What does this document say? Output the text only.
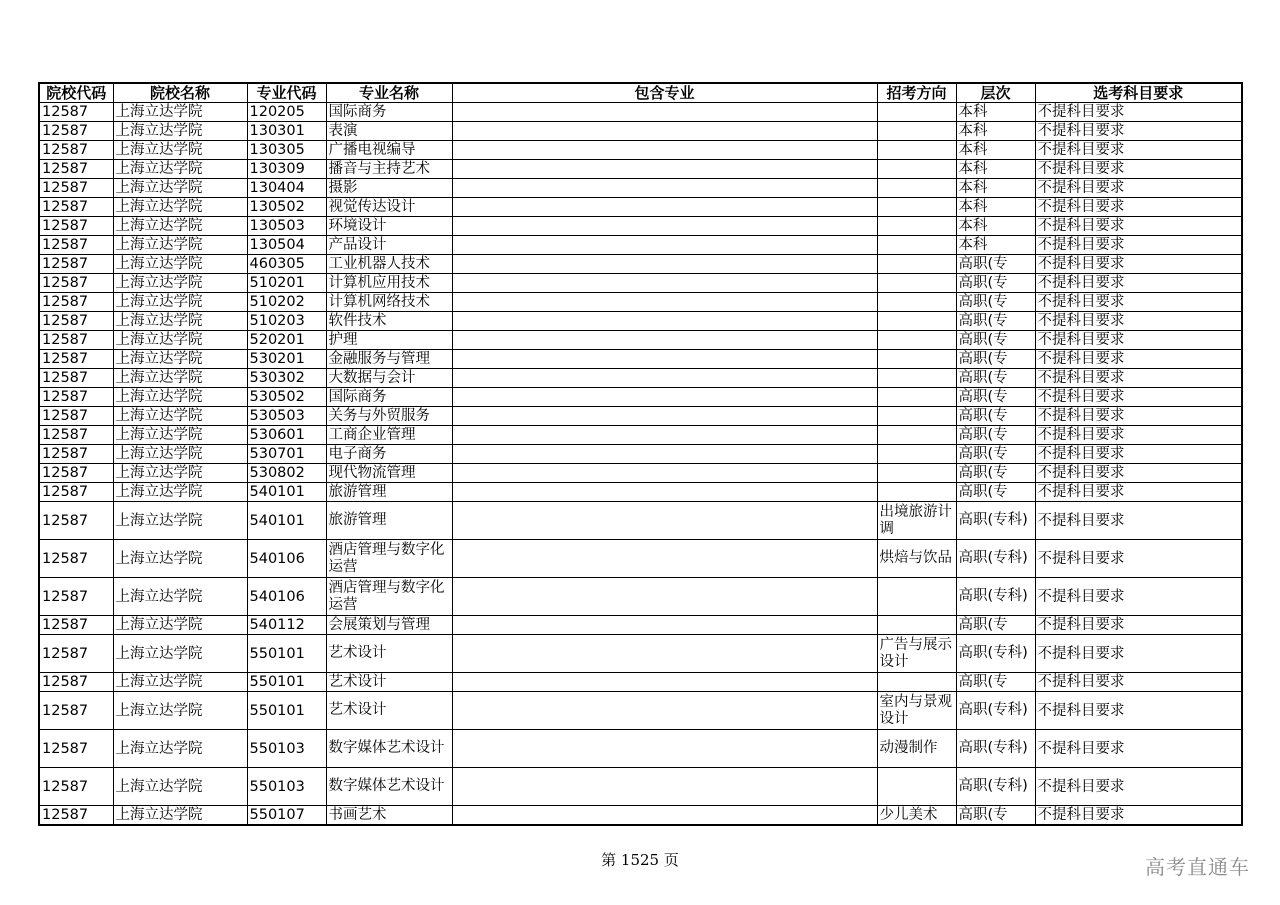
院校代码	院校名称	专业代码	专业名称	包含专业	招考方向	层次	选考科目要求
12587	上海立达学院	120205	国际商务			本科	不提科目要求
12587	上海立达学院	130301	表演			本科	不提科目要求
12587	上海立达学院	130305	广播电视编导			本科	不提科目要求
12587	上海立达学院	130309	播音与主持艺术			本科	不提科目要求
12587	上海立达学院	130404	摄影			本科	不提科目要求
12587	上海立达学院	130502	视觉传达设计			本科	不提科目要求
12587	上海立达学院	130503	环境设计			本科	不提科目要求
12587	上海立达学院	130504	产品设计			本科	不提科目要求
12587	上海立达学院	460305	工业机器人技术			高职(专	不提科目要求
12587	上海立达学院	510201	计算机应用技术			高职(专	不提科目要求
12587	上海立达学院	510202	计算机网络技术			高职(专	不提科目要求
12587	上海立达学院	510203	软件技术			高职(专	不提科目要求
12587	上海立达学院	520201	护理			高职(专	不提科目要求
12587	上海立达学院	530201	金融服务与管理			高职(专	不提科目要求
12587	上海立达学院	530302	大数据与会计			高职(专	不提科目要求
12587	上海立达学院	530502	国际商务			高职(专	不提科目要求
12587	上海立达学院	530503	关务与外贸服务			高职(专	不提科目要求
12587	上海立达学院	530601	工商企业管理			高职(专	不提科目要求
12587	上海立达学院	530701	电子商务			高职(专	不提科目要求
12587	上海立达学院	530802	现代物流管理			高职(专	不提科目要求
12587	上海立达学院	540101	旅游管理			高职(专	不提科目要求
12587	上海立达学院	540101	旅游管理		出境旅游计调	高职(专科)	不提科目要求
12587	上海立达学院	540106	酒店管理与数字化运营		烘焙与饮品	高职(专科)	不提科目要求
12587	上海立达学院	540106	酒店管理与数字化运营			高职(专科)	不提科目要求
12587	上海立达学院	540112	会展策划与管理			高职(专	不提科目要求
12587	上海立达学院	550101	艺术设计		广告与展示设计	高职(专科)	不提科目要求
12587	上海立达学院	550101	艺术设计			高职(专	不提科目要求
12587	上海立达学院	550101	艺术设计		室内与景观设计	高职(专科)	不提科目要求
12587	上海立达学院	550103	数字媒体艺术设计		动漫制作	高职(专科)	不提科目要求
12587	上海立达学院	550103	数字媒体艺术设计			高职(专科)	不提科目要求
12587	上海立达学院	550107	书画艺术		少儿美术	高职(专	不提科目要求
第 1525 页	高考直通车
